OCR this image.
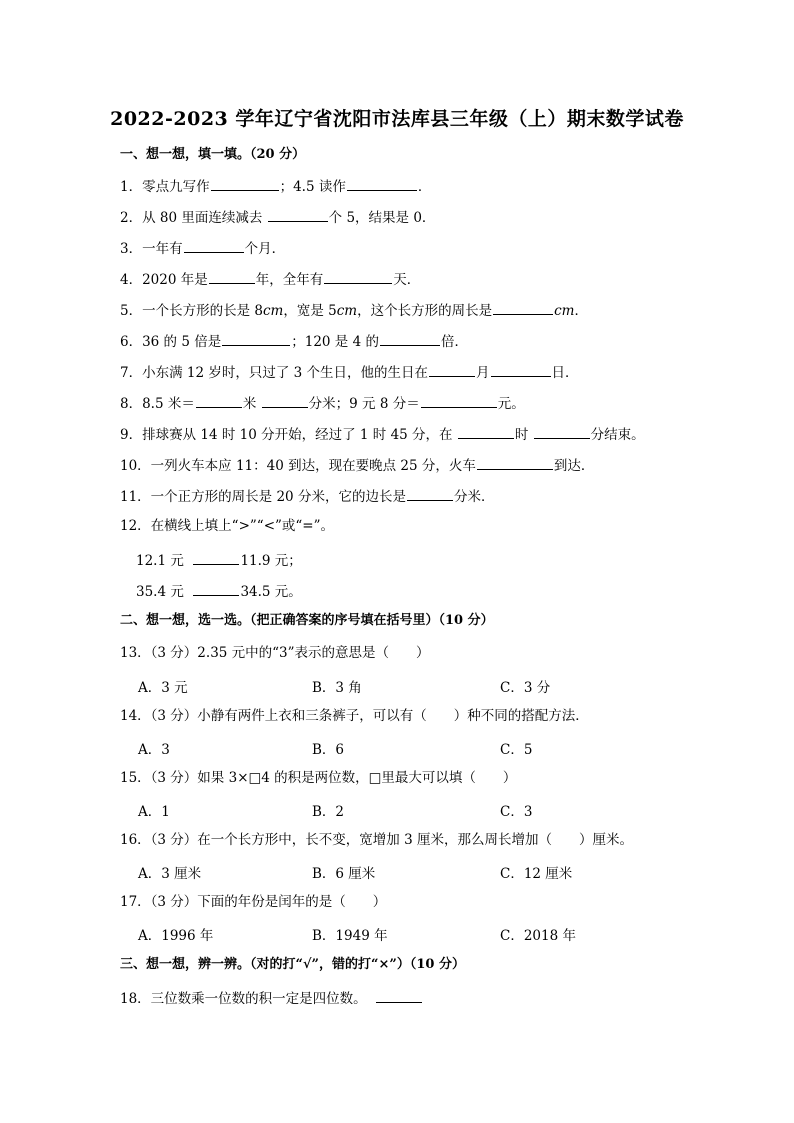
2022-2023 学年辽宁省沈阳市法库县三年级（上）期末数学试卷
一、想一想，填一填。（20 分）
1．零点九写作	；4.5 读作	．
2．从 80 里面连续减去	个 5，结果是 0．
3．一年有	个月．
4．2020 年是	年，全年有	天．
5．一个长方形的长是 8cm，宽是 5cm，这个长方形的周长是	cm．
6．36 的 5 倍是	；120 是 4 的	倍．
7．小东满 12 岁时，只过了 3 个生日，他的生日在	月	日．
8．8.5 米＝	米	分米；9 元 8 分＝	元。
9．排球赛从 14 时 10 分开始，经过了 1 时 45 分，在	时	分结束。
10．一列火车本应 11：40 到达，现在要晚点 25 分，火车	到达．
11．一个正方形的周长是 20 分米，它的边长是	分米．
12．在横线上填上“>”“<”或“=”。
12.1 元	11.9 元；
35.4 元	34.5 元。
二、想一想，选一选。（把正确答案的序号填在括号里）（10 分）
13．（3 分）2.35 元中的“3”表示的意思是（　　）
A．3 元	B．3 角	C．3 分
14．（3 分）小静有两件上衣和三条裤子，可以有（　　）种不同的搭配方法．
A．3	B．6	C．5
15．（3 分）如果 3×□4 的积是两位数，□里最大可以填（　　）
A．1	B．2	C．3
16．（3 分）在一个长方形中，长不变，宽增加 3 厘米，那么周长增加（　　）厘米。
A．3 厘米	B．6 厘米	C．12 厘米
17．（3 分）下面的年份是闰年的是（　　）
A．1996 年	B．1949 年	C．2018 年
三、想一想，辨一辨。（对的打“√”，错的打“×”）（10 分）
18．三位数乘一位数的积一定是四位数。
